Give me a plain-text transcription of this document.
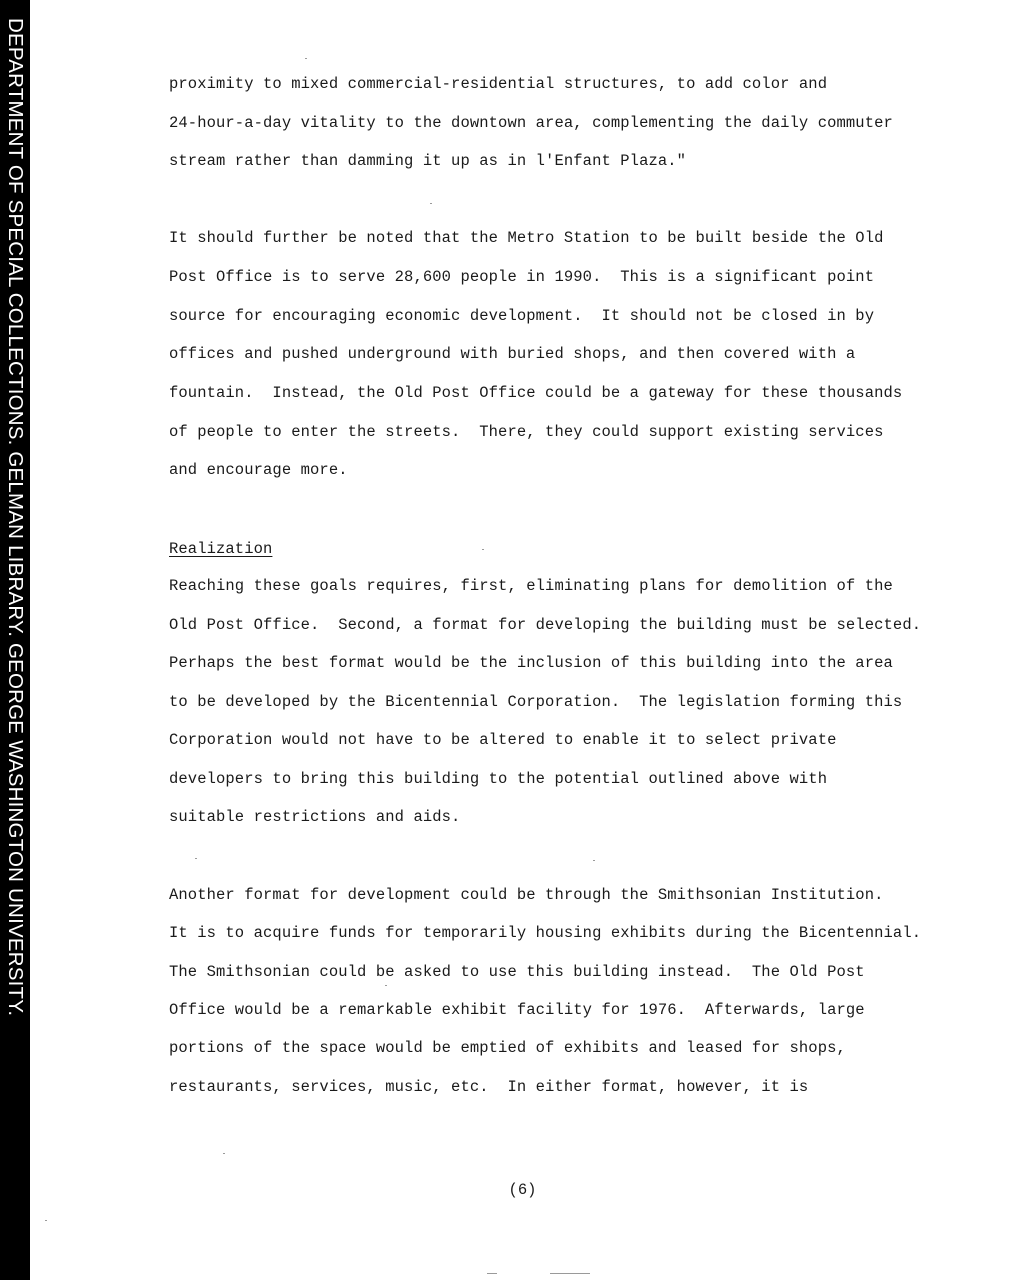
DEPARTMENT OF SPECIAL COLLECTIONS. GELMAN LIBRARY. GEORGE WASHINGTON UNIVERSITY.	proximity to mixed commercial-residential structures, to add color and
24-hour-a-day vitality to the downtown area, complementing the daily commuter
stream rather than damming it up as in l'Enfant Plaza."
It should further be noted that the Metro Station to be built beside the Old
Post Office is to serve 28,600 people in 1990.  This is a significant point
source for encouraging economic development.  It should not be closed in by
offices and pushed underground with buried shops, and then covered with a
fountain.  Instead, the Old Post Office could be a gateway for these thousands
of people to enter the streets.  There, they could support existing services
and encourage more.
Realization
Reaching these goals requires, first, eliminating plans for demolition of the
Old Post Office.  Second, a format for developing the building must be selected.
Perhaps the best format would be the inclusion of this building into the area
to be developed by the Bicentennial Corporation.  The legislation forming this
Corporation would not have to be altered to enable it to select private
developers to bring this building to the potential outlined above with
suitable restrictions and aids.
Another format for development could be through the Smithsonian Institution.
It is to acquire funds for temporarily housing exhibits during the Bicentennial.
The Smithsonian could be asked to use this building instead.  The Old Post
Office would be a remarkable exhibit facility for 1976.  Afterwards, large
portions of the space would be emptied of exhibits and leased for shops,
restaurants, services, music, etc.  In either format, however, it is
(6)
